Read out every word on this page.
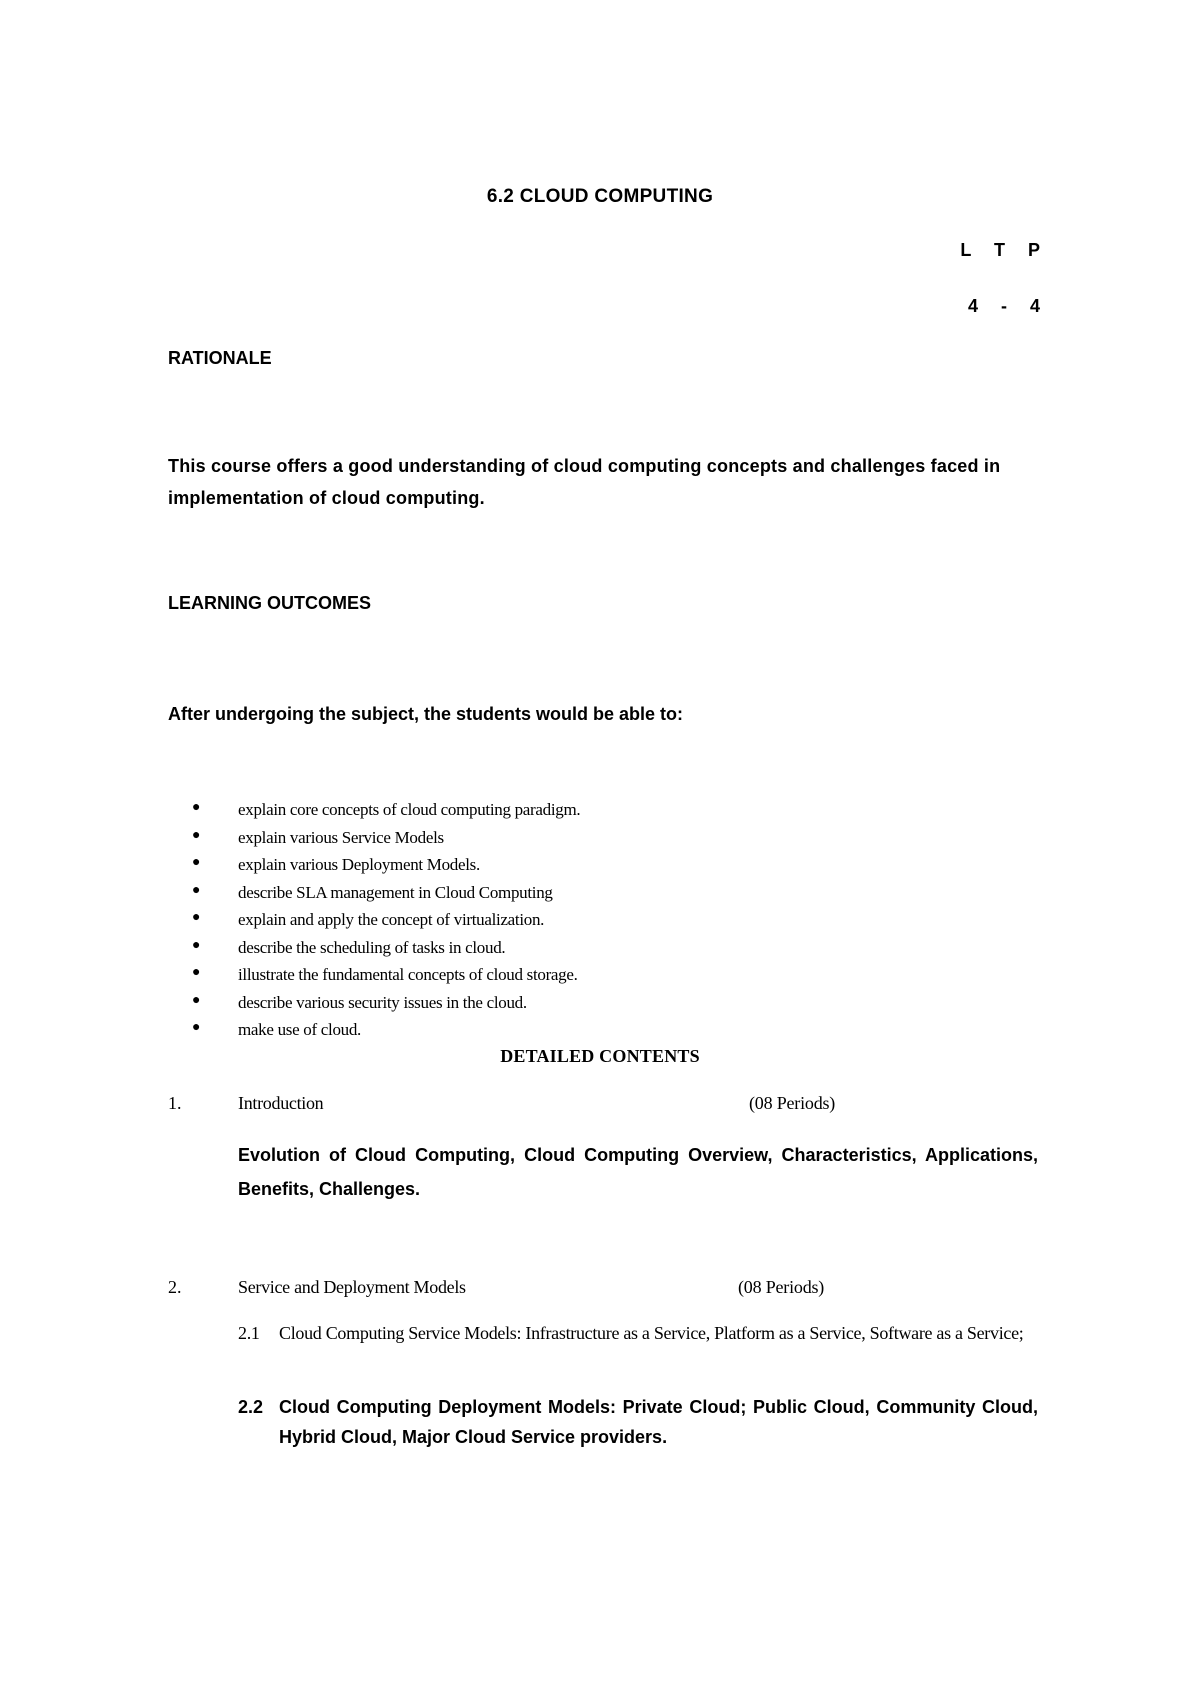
6.2 CLOUD COMPUTING
L T P
4 - 4
RATIONALE
This course offers a good understanding of cloud computing concepts and challenges faced in implementation of cloud computing.
LEARNING OUTCOMES
After undergoing the subject, the students would be able to:
● explain core concepts of cloud computing paradigm.
● explain various Service Models
● explain various Deployment Models.
● describe SLA management in Cloud Computing
● explain and apply the concept of virtualization.
● describe the scheduling of tasks in cloud.
● illustrate the fundamental concepts of cloud storage.
● describe various security issues in the cloud.
● make use of cloud.
DETAILED CONTENTS
1.	Introduction	(08 Periods)
Evolution of Cloud Computing, Cloud Computing Overview, Characteristics, Applications, Benefits, Challenges.
2.	Service and Deployment Models	(08 Periods)
2.1 Cloud Computing Service Models: Infrastructure as a Service, Platform as a Service, Software as a Service;
2.2 Cloud Computing Deployment Models: Private Cloud; Public Cloud, Community Cloud, Hybrid Cloud, Major Cloud Service providers.
